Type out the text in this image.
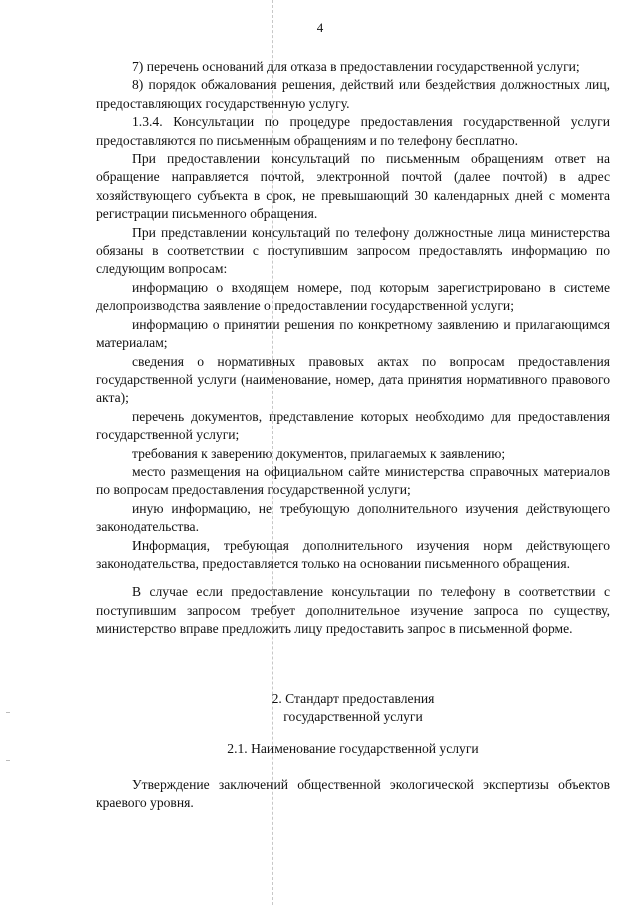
4

7) перечень оснований для отказа в предоставлении государственной услуги;

8) порядок обжалования решения, действий или бездействия должностных лиц, предоставляющих государственную услугу.

1.3.4. Консультации по процедуре предоставления государственной услуги предоставляются по письменным обращениям и по телефону бесплатно.

При предоставлении консультаций по письменным обращениям ответ на обращение направляется почтой, электронной почтой (далее почтой) в адрес хозяйствующего субъекта в срок, не превышающий 30 календарных дней с момента регистрации письменного обращения.

При представлении консультаций по телефону должностные лица министерства обязаны в соответствии с поступившим запросом предоставлять информацию по следующим вопросам:

информацию о входящем номере, под которым зарегистрировано в системе делопроизводства заявление о предоставлении государственной услуги;

информацию о принятии решения по конкретному заявлению и прилагающимся материалам;

сведения о нормативных правовых актах по вопросам предоставления государственной услуги (наименование, номер, дата принятия нормативного правового акта);

перечень документов, представление которых необходимо для предоставления государственной услуги;

требования к заверению документов, прилагаемых к заявлению;

место размещения на официальном сайте министерства справочных материалов по вопросам предоставления государственной услуги;

иную информацию, не требующую дополнительного изучения действующего законодательства.

Информация, требующая дополнительного изучения норм действующего законодательства, предоставляется только на основании письменного обращения.

В случае если предоставление консультации по телефону в соответствии с поступившим запросом требует дополнительное изучение запроса по существу, министерство вправе предложить лицу предоставить запрос в письменной форме.

2. Стандарт предоставления
государственной услуги
2.1. Наименование государственной услуги

Утверждение заключений общественной экологической экспертизы объектов краевого уровня.
